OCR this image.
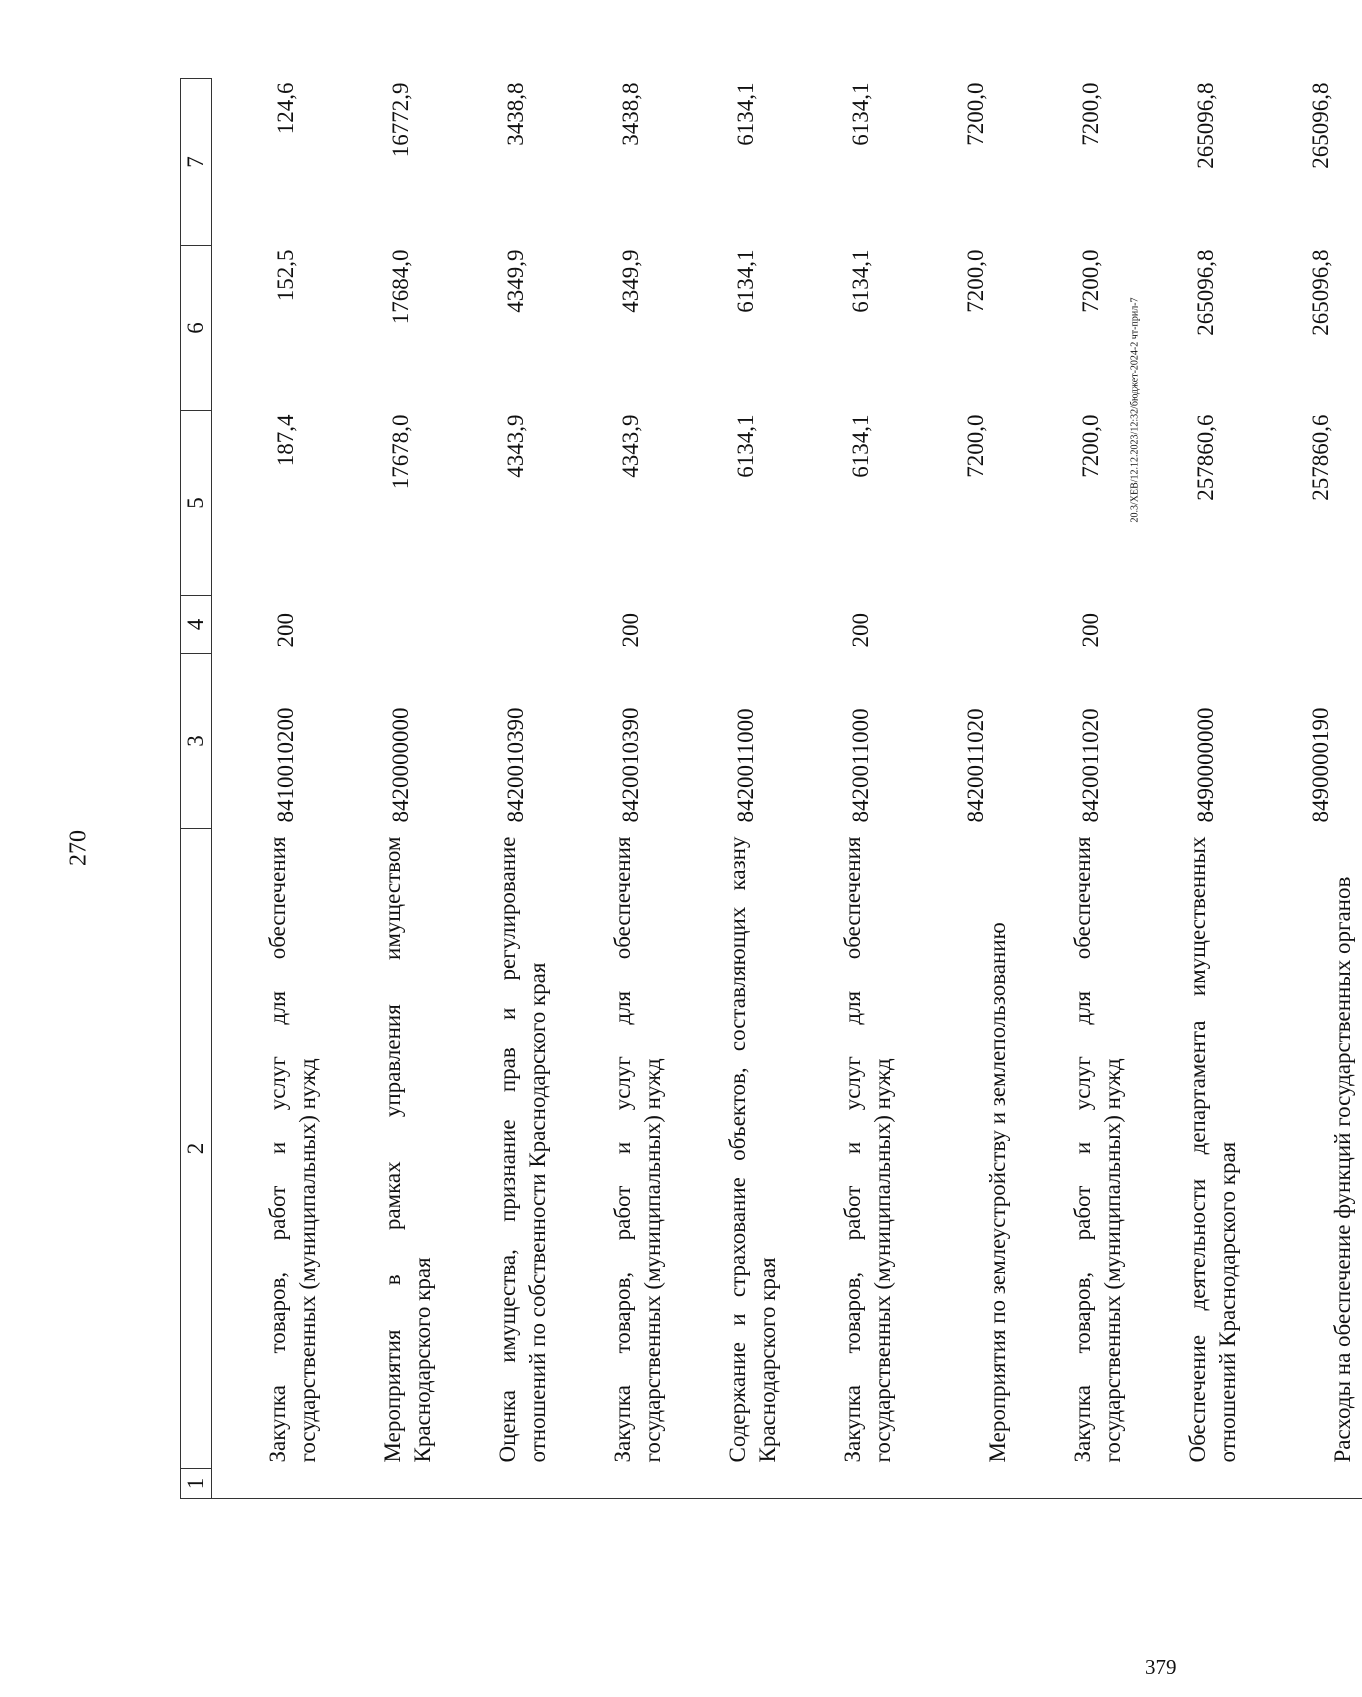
270
379
20.3/ХЕВ/12.12.2023/12:32/бюджет-2024-2 чт-прил-7
1	2	3	4	5	6	7
	Закупка товаров, работ и услуг для обеспечения государственных (муниципальных) нужд	8410010200	200	187,4	152,5	124,6
	Мероприятия в рамках управления имуществом Краснодарского края	8420000000		17678,0	17684,0	16772,9
	Оценка имущества, признание прав и регулирование отношений по собственности Краснодарского края	8420010390		4343,9	4349,9	3438,8
	Закупка товаров, работ и услуг для обеспечения государственных (муниципальных) нужд	8420010390	200	4343,9	4349,9	3438,8
	Содержание и страхование объектов, составляющих казну Краснодарского края	8420011000		6134,1	6134,1	6134,1
	Закупка товаров, работ и услуг для обеспечения государственных (муниципальных) нужд	8420011000	200	6134,1	6134,1	6134,1
	Мероприятия по землеустройству и землепользованию	8420011020		7200,0	7200,0	7200,0
	Закупка товаров, работ и услуг для обеспечения государственных (муниципальных) нужд	8420011020	200	7200,0	7200,0	7200,0
	Обеспечение деятельности департамента имущественных отношений Краснодарского края	8490000000		257860,6	265096,8	265096,8
	Расходы на обеспечение функций государственных органов	8490000190		257860,6	265096,8	265096,8
